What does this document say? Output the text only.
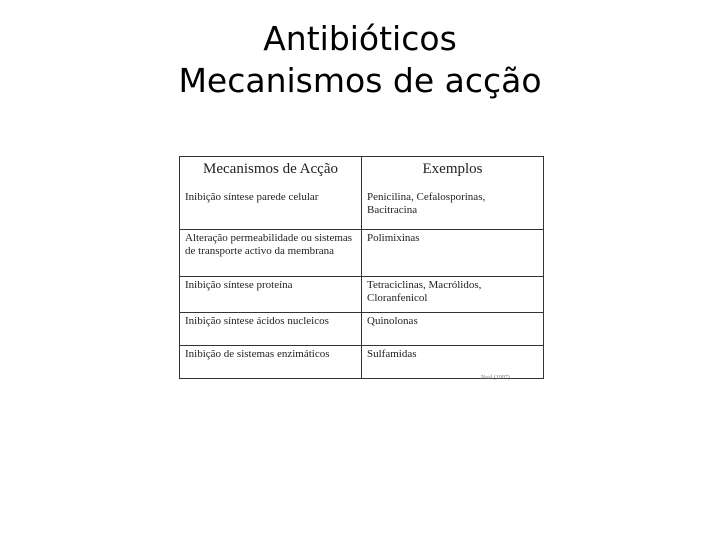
Antibióticos
Mecanismos de acção
Mecanismos de Acção	Exemplos
Inibição síntese parede celular	Penicilina, Cefalosporinas, Bacitracina
Alteração permeabilidade ou sistemas de transporte activo da membrana	Polimixinas
Inibição síntese proteína	Tetraciclinas, Macrólidos, Cloranfenicol
Inibição síntese ácidos nucleicos	Quinolonas
Inibição de sistemas enzimáticos	Sulfamidas
Neal (1997)
